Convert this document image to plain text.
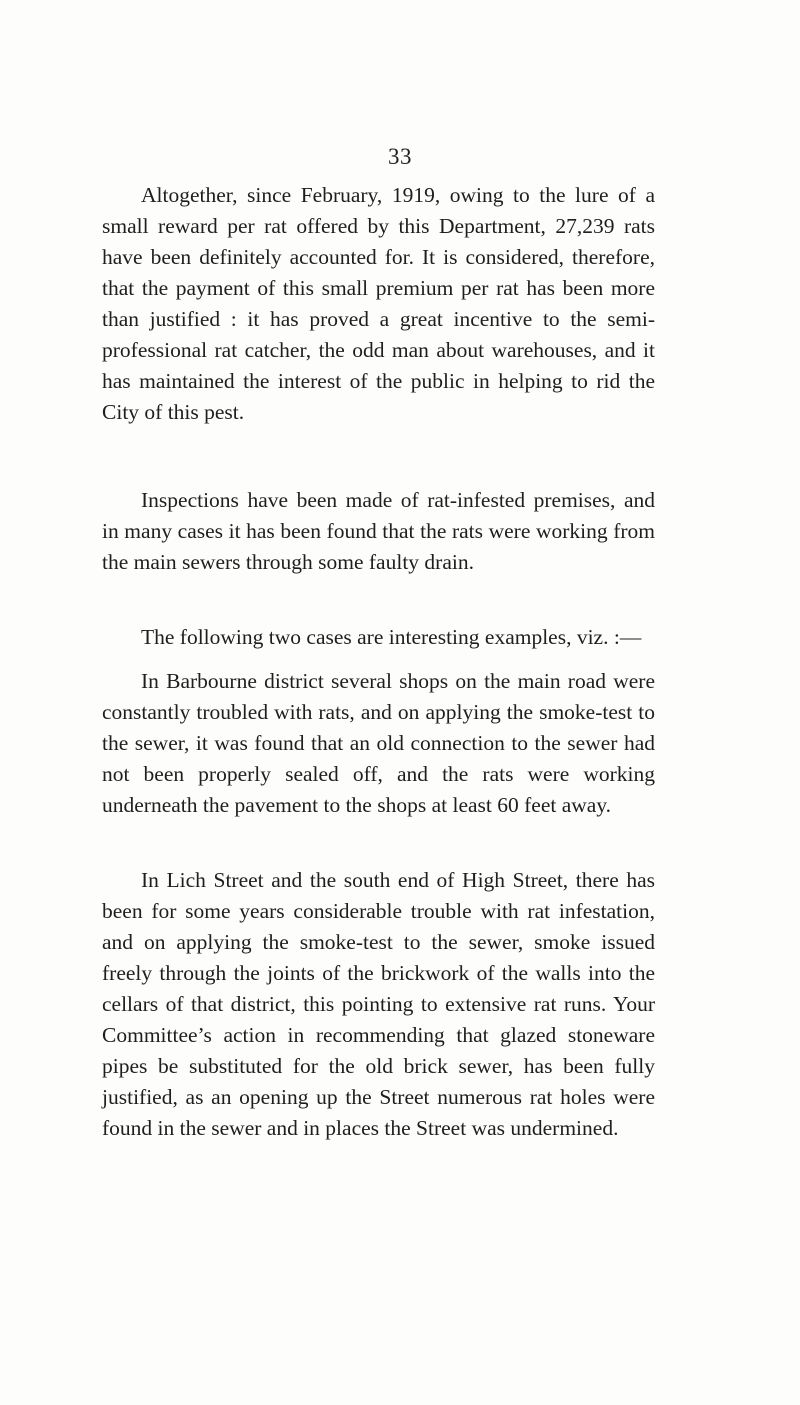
33

Altogether, since February, 1919, owing to the lure of a small reward per rat offered by this Department, 27,239 rats have been definitely accounted for. It is considered, therefore, that the payment of this small premium per rat has been more than justified : it has proved a great incentive to the semi-professional rat catcher, the odd man about warehouses, and it has maintained the interest of the public in helping to rid the City of this pest.

Inspections have been made of rat-infested premises, and in many cases it has been found that the rats were working from the main sewers through some faulty drain.

The following two cases are interesting examples, viz. :—

In Barbourne district several shops on the main road were constantly troubled with rats, and on applying the smoke-test to the sewer, it was found that an old connection to the sewer had not been properly sealed off, and the rats were working underneath the pavement to the shops at least 60 feet away.

In Lich Street and the south end of High Street, there has been for some years considerable trouble with rat infestation, and on applying the smoke-test to the sewer, smoke issued freely through the joints of the brickwork of the walls into the cellars of that district, this pointing to extensive rat runs. Your Committee’s action in recommending that glazed stoneware pipes be substituted for the old brick sewer, has been fully justified, as an opening up the Street numerous rat holes were found in the sewer and in places the Street was undermined.
